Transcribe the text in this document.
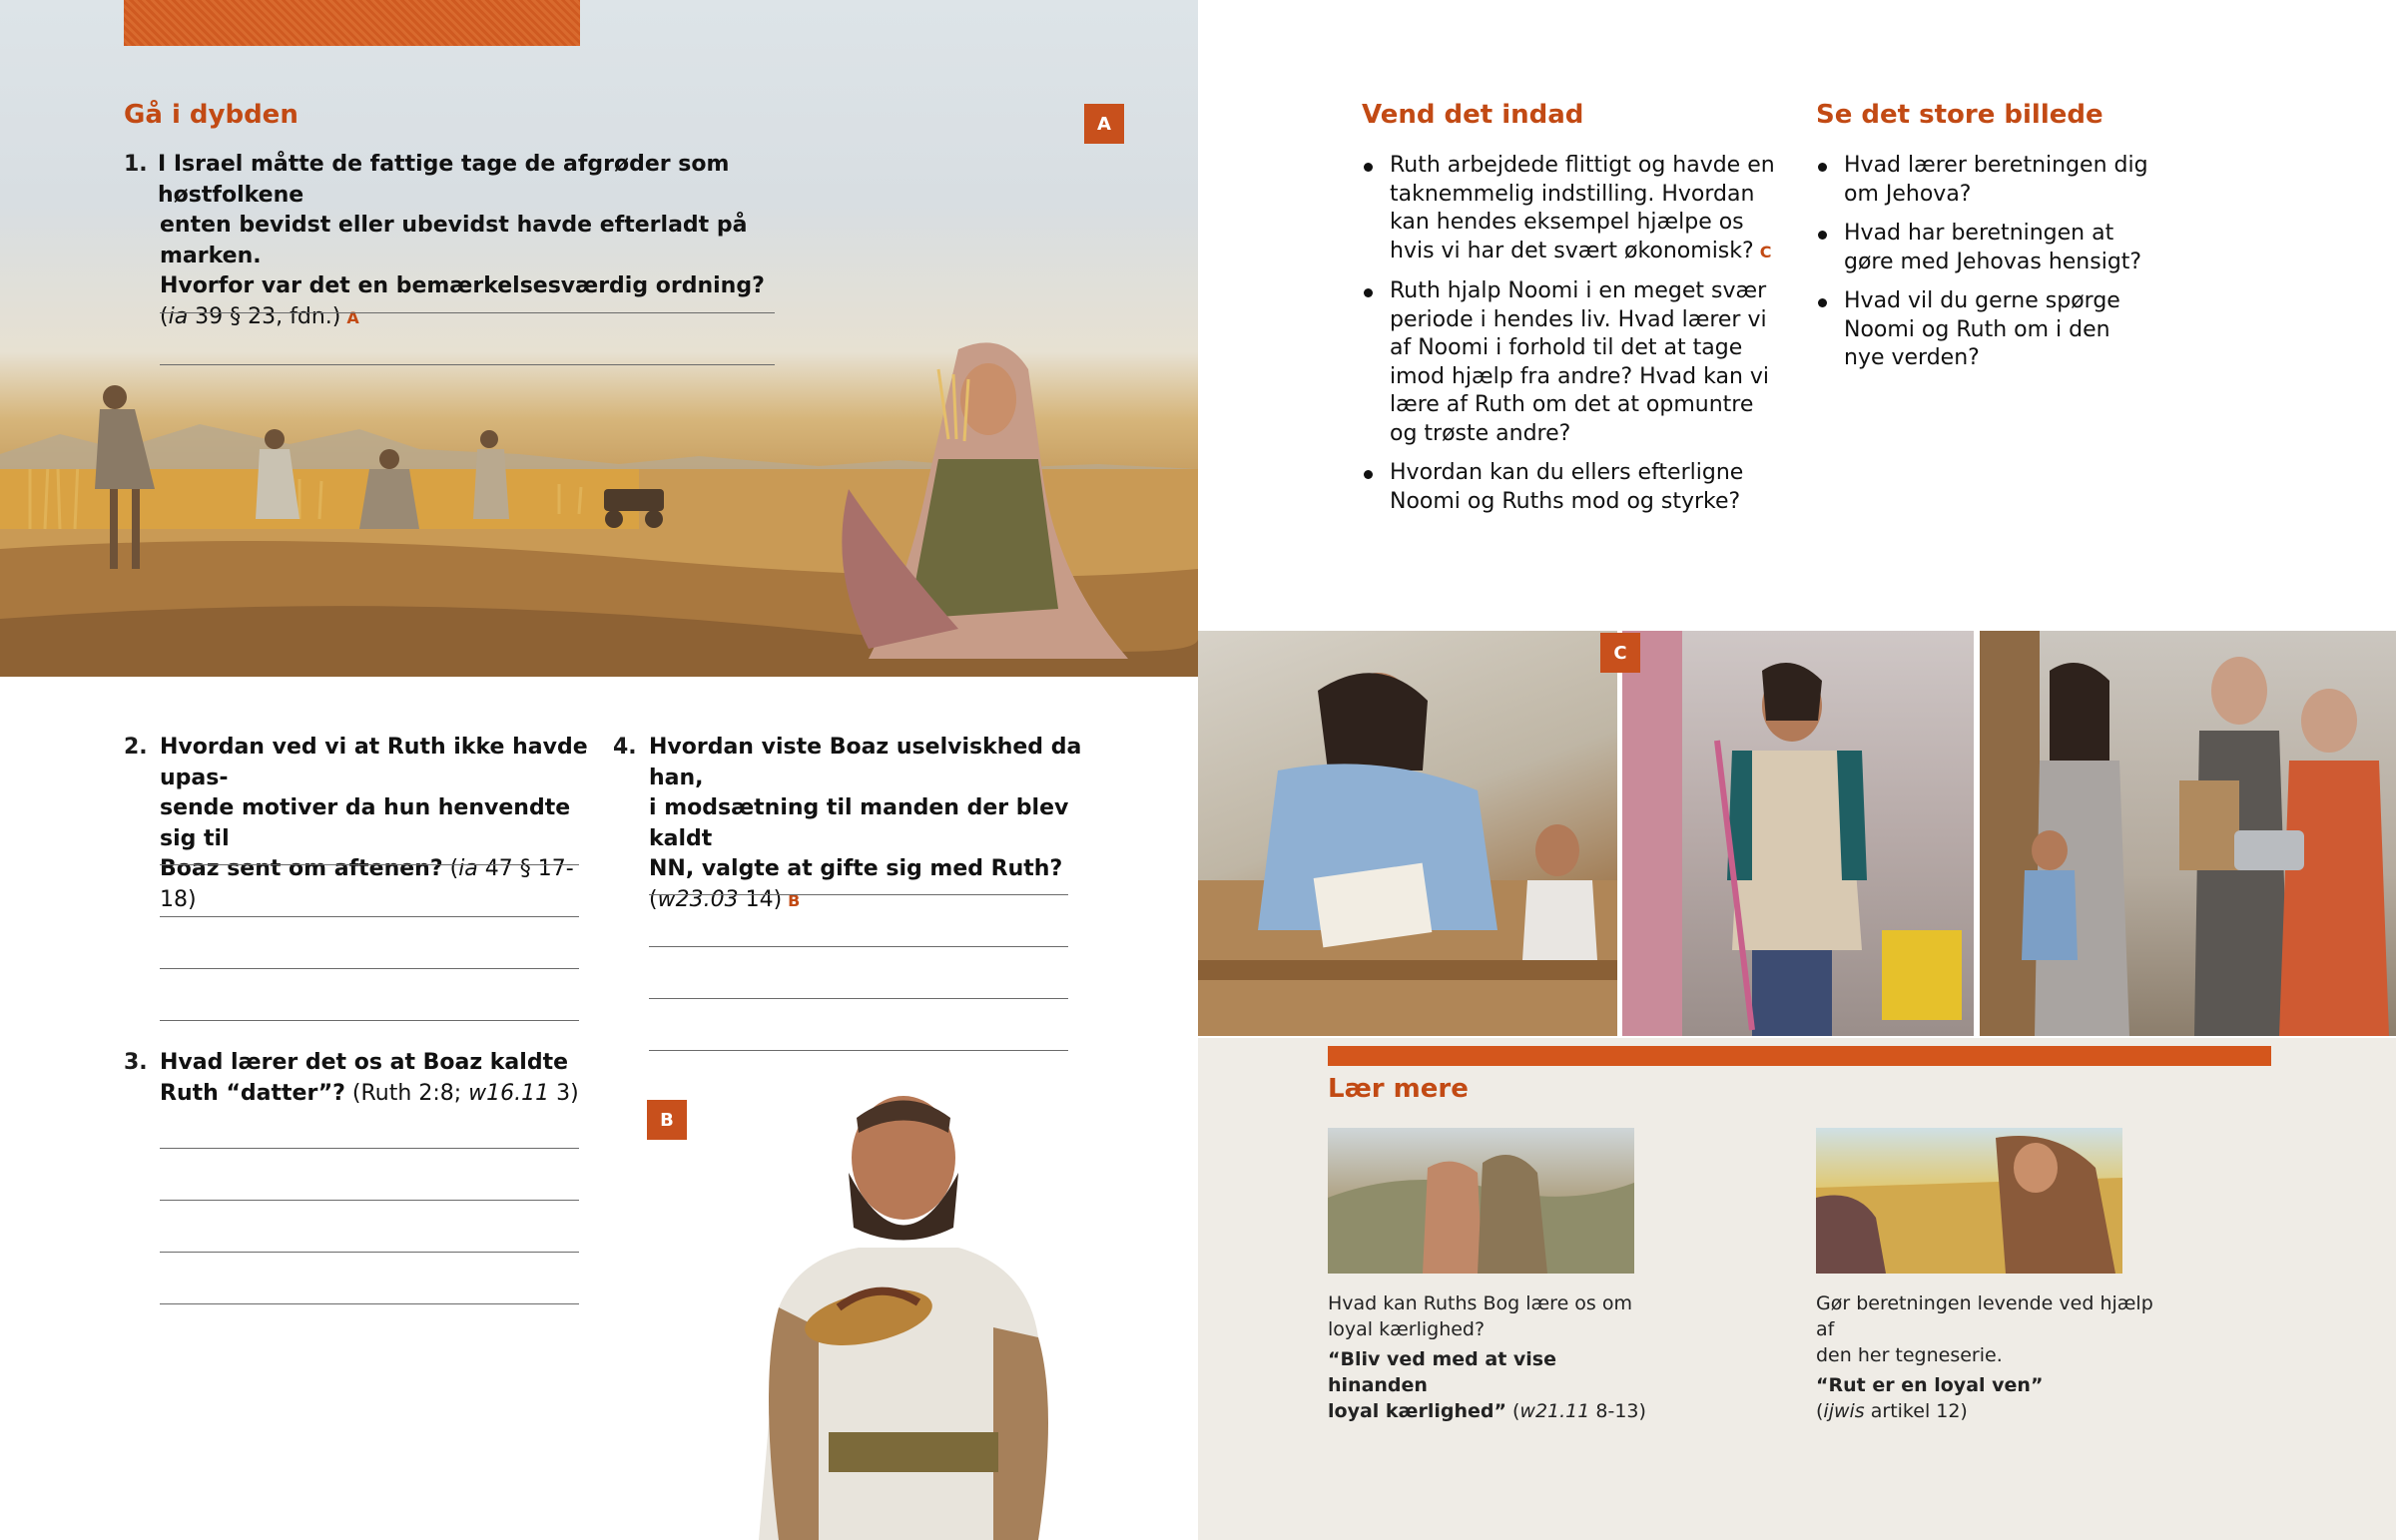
Gå i dybden	A
1. I Israel måtte de fattige tage de afgrøder som høstfolkene
enten bevidst eller ubevidst havde efterladt på marken.
Hvorfor var det en bemærkelsesværdig ordning?
(ia 39 § 23, fdn.) A
2. Hvordan ved vi at Ruth ikke havde upas-
sende motiver da hun henvendte sig til
Boaz sent om aftenen? (ia 47 § 17-18)
3. Hvad lærer det os at Boaz kaldte
Ruth “datter”? (Ruth 2:8; w16.11 3)
4. Hvordan viste Boaz uselviskhed da han,
i modsætning til manden der blev kaldt
NN, valgte at gifte sig med Ruth?
(w23.03 14) B
B
Vend det indad
Ruth arbejdede flittigt og havde en taknemmelig indstilling. Hvordan kan hendes eksempel hjælpe os hvis vi har det svært økonomisk? C
Ruth hjalp Noomi i en meget svær periode i hendes liv. Hvad lærer vi af Noomi i forhold til det at tage imod hjælp fra andre? Hvad kan vi lære af Ruth om det at opmuntre og trøste andre?
Hvordan kan du ellers efterligne Noomi og Ruths mod og styrke?
Se det store billede
Hvad lærer beretningen dig om Jehova?
Hvad har beretningen at gøre med Jehovas hensigt?
Hvad vil du gerne spørge Noomi og Ruth om i den nye verden?
C
Lær mere
Hvad kan Ruths Bog lære os om
loyal kærlighed?
“Bliv ved med at vise hinanden
loyal kærlighed” (w21.11 8-13)
Gør beretningen levende ved hjælp af
den her tegneserie.
“Rut er en loyal ven”
(ijwis artikel 12)
